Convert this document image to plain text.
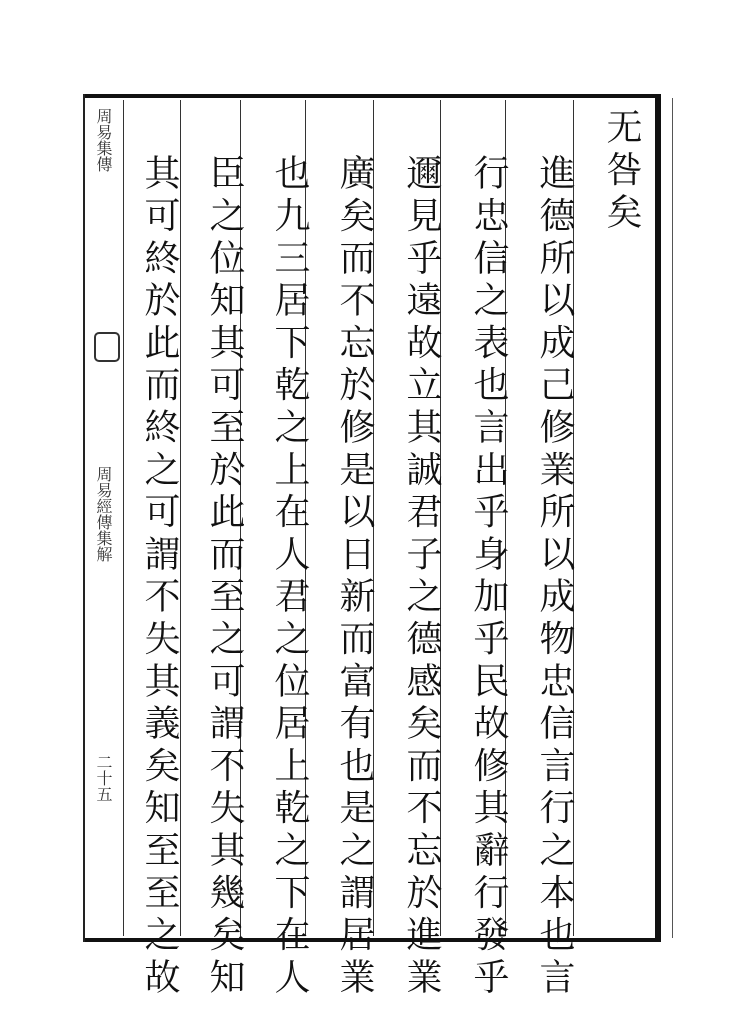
周易集傳
周易經傳集解
二十五
无咎矣
進德所以成己修業所以成物忠信言行之本也言
行忠信之表也言出乎身加乎民故修其辭行發乎
邇見乎遠故立其誠君子之德感矣而不忘於進業
廣矣而不忘於修是以日新而富有也是之謂居業
也九三居下乾之上在人君之位居上乾之下在人
臣之位知其可至於此而至之可謂不失其幾矣知
其可終於此而終之可謂不失其義矣知至至之故
